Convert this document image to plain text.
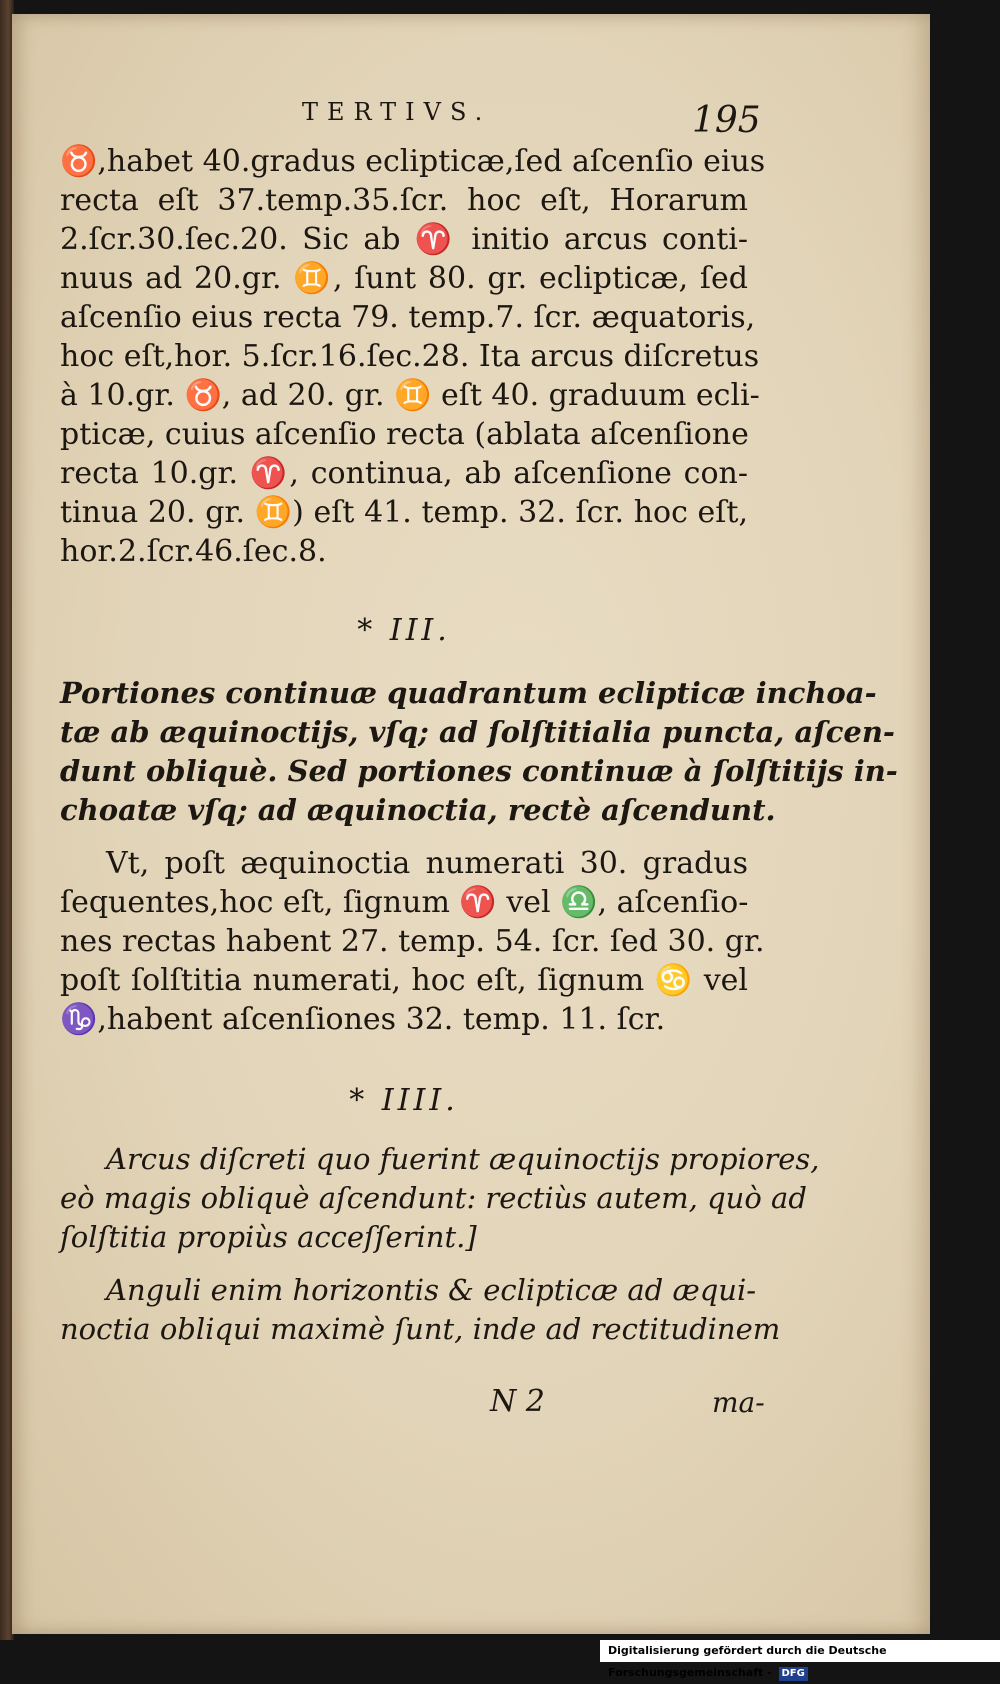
TERTIVS.	195

♉,habet 40.gradus eclipticæ,ſed aſcenſio eius

recta eſt 37.temp.35.ſcr. hoc eſt, Horarum

2.ſcr.30.ſec.20. Sic ab ♈ initio arcus conti-

nuus ad 20.gr. ♊, ſunt 80. gr. eclipticæ, ſed

aſcenſio eius recta 79. temp.7. ſcr. æquatoris,

hoc eſt,hor. 5.ſcr.16.ſec.28. Ita arcus diſcretus

à 10.gr. ♉, ad 20. gr. ♊ eſt 40. graduum ecli-

pticæ, cuius aſcenſio recta (ablata aſcenſione

recta 10.gr. ♈, continua, ab aſcenſione con-

tinua 20. gr. ♊) eſt 41. temp. 32. ſcr. hoc eſt,

hor.2.ſcr.46.ſec.8.

* III.

Portiones continuæ quadrantum eclipticæ inchoa-

tæ ab æquinoctijs, vſq; ad ſolſtitialia puncta, aſcen-

dunt obliquè. Sed portiones continuæ à ſolſtitijs in-

choatæ vſq; ad æquinoctia, rectè aſcendunt.

Vt, poſt æquinoctia numerati 30. gradus

ſequentes,hoc eſt, ſignum ♈ vel ♎, aſcenſio-

nes rectas habent 27. temp. 54. ſcr. ſed 30. gr.

poſt ſolſtitia numerati, hoc eſt, ſignum ♋ vel

♑,habent aſcenſiones 32. temp. 11. ſcr.

* IIII.

Arcus diſcreti quo fuerint æquinoctijs propiores,

eò magis obliquè aſcendunt: rectiùs autem, quò ad

ſolſtitia propiùs acceſſerint.]

Anguli enim horizontis & eclipticæ ad æqui-

noctia obliqui maximè ſunt, inde ad rectitudinem

N 2	ma-
Digitalisierung gefördert durch die Deutsche Forschungsgemeinschaft - DFG
